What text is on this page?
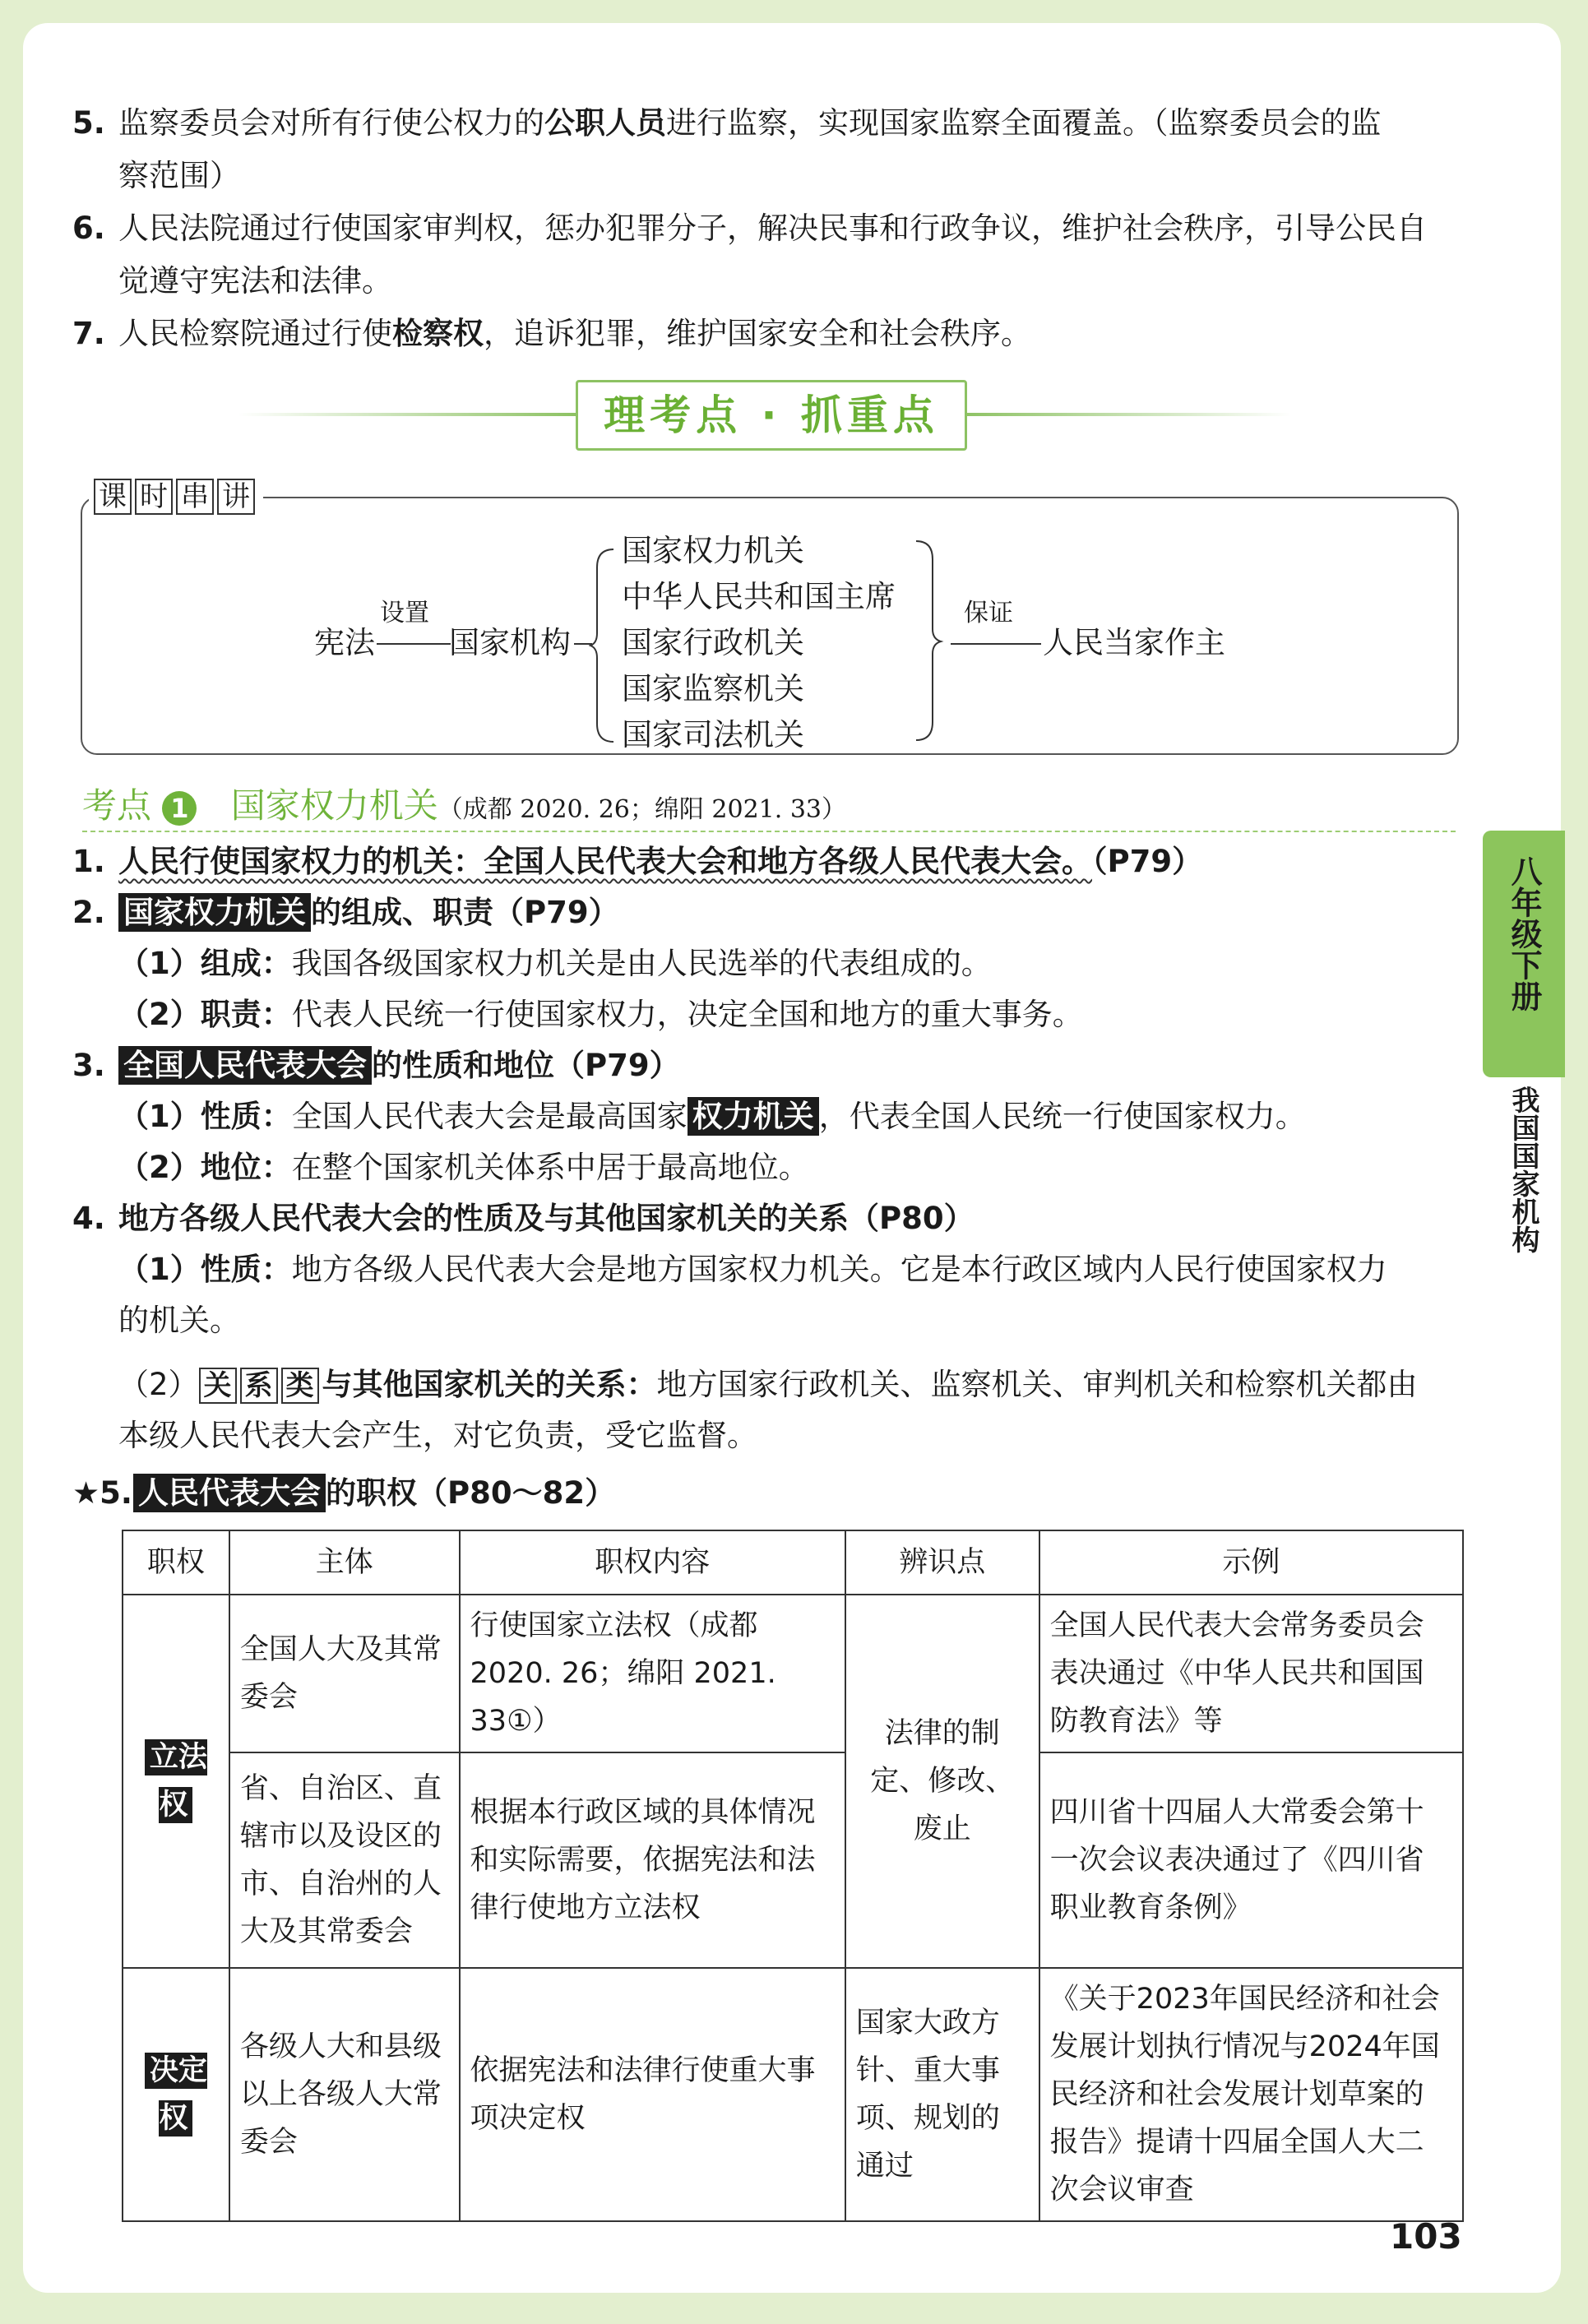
5. 监察委员会对所有行使公权力的公职人员进行监察，实现国家监察全面覆盖。（监察委员会的监
察范围）
6. 人民法院通过行使国家审判权，惩办犯罪分子，解决民事和行政争议，维护社会秩序，引导公民自
觉遵守宪法和法律。
7. 人民检察院通过行使检察权，追诉犯罪，维护国家安全和社会秩序。
理考点 · 抓重点
课 时 串 讲
宪法
设置
国家机构
国家权力机关
中华人民共和国主席
国家行政机关
国家监察机关
国家司法机关
保证
人民当家作主
考点 1 国家权力机关（成都 2020. 26；绵阳 2021. 33）
1. 人民行使国家权力的机关：全国人民代表大会和地方各级人民代表大会。（P79）
2. 国家权力机关 的组成、职责（P79）
（1）组成：我国各级国家权力机关是由人民选举的代表组成的。
（2）职责：代表人民统一行使国家权力，决定全国和地方的重大事务。
3. 全国人民代表大会 的性质和地位（P79）
（1）性质：全国人民代表大会是最高国家 权力机关 ，代表全国人民统一行使国家权力。
（2）地位：在整个国家机关体系中居于最高地位。
4. 地方各级人民代表大会的性质及与其他国家机关的关系（P80）
（1）性质：地方各级人民代表大会是地方国家权力机关。它是本行政区域内人民行使国家权力
的机关。
（2） 关 系 类 与其他国家机关的关系：地方国家行政机关、监察机关、审判机关和检察机关都由
本级人民代表大会产生，对它负责，受它监督。
★5. 人民代表大会 的职权（P80～82）
职权	主体	职权内容	辨识点	示例
立法权	全国人大及其常委会	行使国家立法权（成都 2020. 26；绵阳 2021. 33①）	法律的制定、修改、废止	全国人民代表大会常务委员会表决通过《中华人民共和国国防教育法》等
	省、自治区、直辖市以及设区的市、自治州的人大及其常委会	根据本行政区域的具体情况和实际需要，依据宪法和法律行使地方立法权		四川省十四届人大常委会第十一次会议表决通过了《四川省职业教育条例》
决定权	各级人大和县级以上各级人大常委会	依据宪法和法律行使重大事项决定权	国家大政方针、重大事项、规划的通过	《关于2023年国民经济和社会发展计划执行情况与2024年国民经济和社会发展计划草案的报告》提请十四届全国人大二次会议审查
八年级下册
我国国家机构
103
